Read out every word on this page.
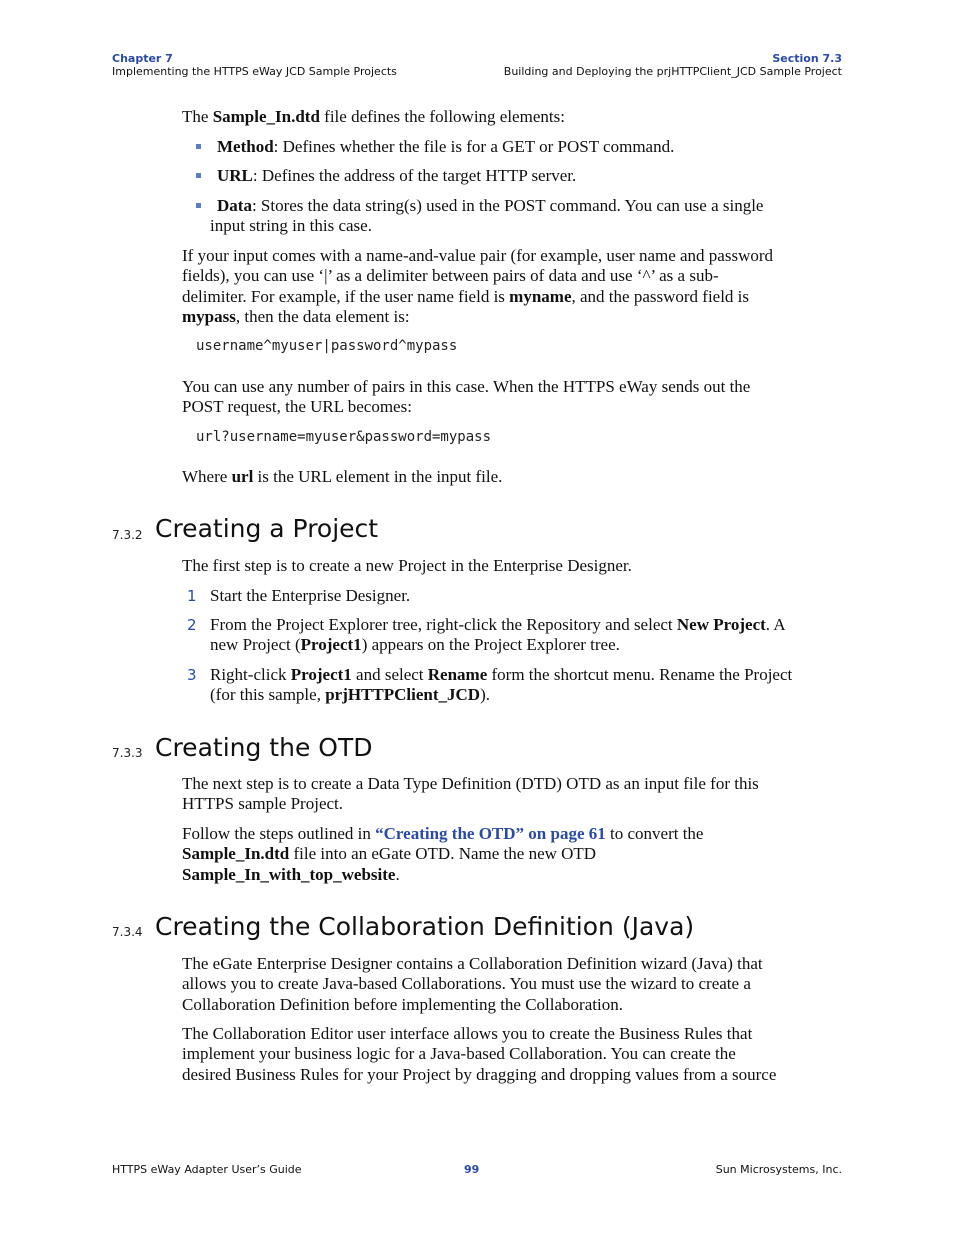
Chapter 7
Implementing the HTTPS eWay JCD Sample Projects
Section 7.3
Building and Deploying the prjHTTPClient_JCD Sample Project

The Sample_In.dtd file defines the following elements:

Method: Defines whether the file is for a GET or POST command.
URL: Defines the address of the target HTTP server.
Data: Stores the data string(s) used in the POST command. You can use a single
input string in this case.
If your input comes with a name-and-value pair (for example, user name and password
fields), you can use ‘|’ as a delimiter between pairs of data and use ‘^’ as a sub-
delimiter. For example, if the user name field is myname, and the password field is
mypass, then the data element is:
username^myuser|password^mypass
You can use any number of pairs in this case. When the HTTPS eWay sends out the
POST request, the URL becomes:
url?username=myuser&password=mypass

Where url is the URL element in the input file.

7.3.2 Creating a Project

The first step is to create a new Project in the Enterprise Designer.

1 Start the Enterprise Designer.
2 From the Project Explorer tree, right-click the Repository and select New Project. A
new Project (Project1) appears on the Project Explorer tree.
3 Right-click Project1 and select Rename form the shortcut menu. Rename the Project
(for this sample, prjHTTPClient_JCD).
7.3.3 Creating the OTD
The next step is to create a Data Type Definition (DTD) OTD as an input file for this
HTTPS sample Project.
Follow the steps outlined in “Creating the OTD” on page 61 to convert the
Sample_In.dtd file into an eGate OTD. Name the new OTD
Sample_In_with_top_website.
7.3.4 Creating the Collaboration Definition (Java)
The eGate Enterprise Designer contains a Collaboration Definition wizard (Java) that
allows you to create Java-based Collaborations. You must use the wizard to create a
Collaboration Definition before implementing the Collaboration.
The Collaboration Editor user interface allows you to create the Business Rules that
implement your business logic for a Java-based Collaboration. You can create the
desired Business Rules for your Project by dragging and dropping values from a source
HTTPS eWay Adapter User’s Guide	99	Sun Microsystems, Inc.
